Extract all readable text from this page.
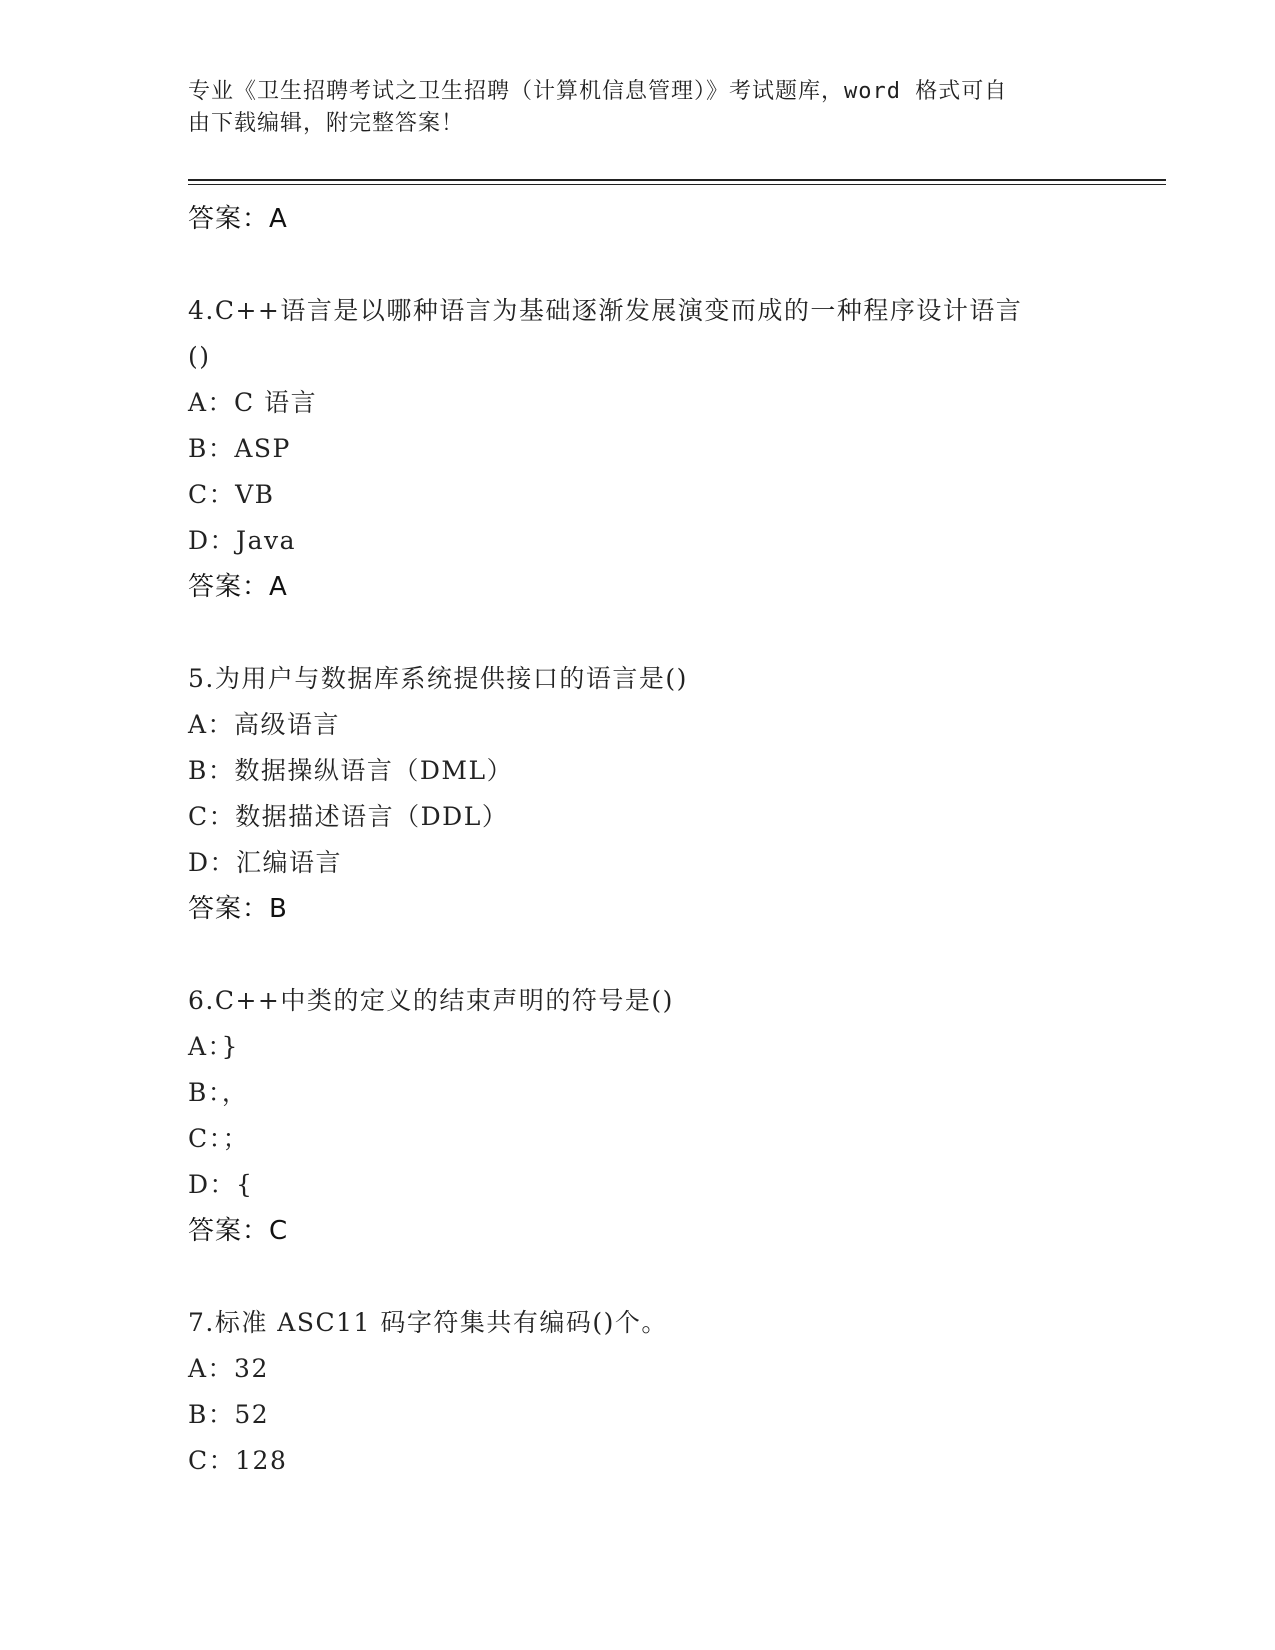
专业《卫生招聘考试之卫生招聘（计算机信息管理）》考试题库，word 格式可自
由下载编辑，附完整答案！
答案：A
4.C++语言是以哪种语言为基础逐渐发展演变而成的一种程序设计语言
()
A：C 语言
B：ASP
C：VB
D：Java
答案：A
5.为用户与数据库系统提供接口的语言是()
A：高级语言
B：数据操纵语言（DML）
C：数据描述语言（DDL）
D：汇编语言
答案：B
6.C++中类的定义的结束声明的符号是()
A：}
B：，
C：；
D：{
答案：C
7.标准 ASC11 码字符集共有编码()个。
A：32
B：52
C：128
